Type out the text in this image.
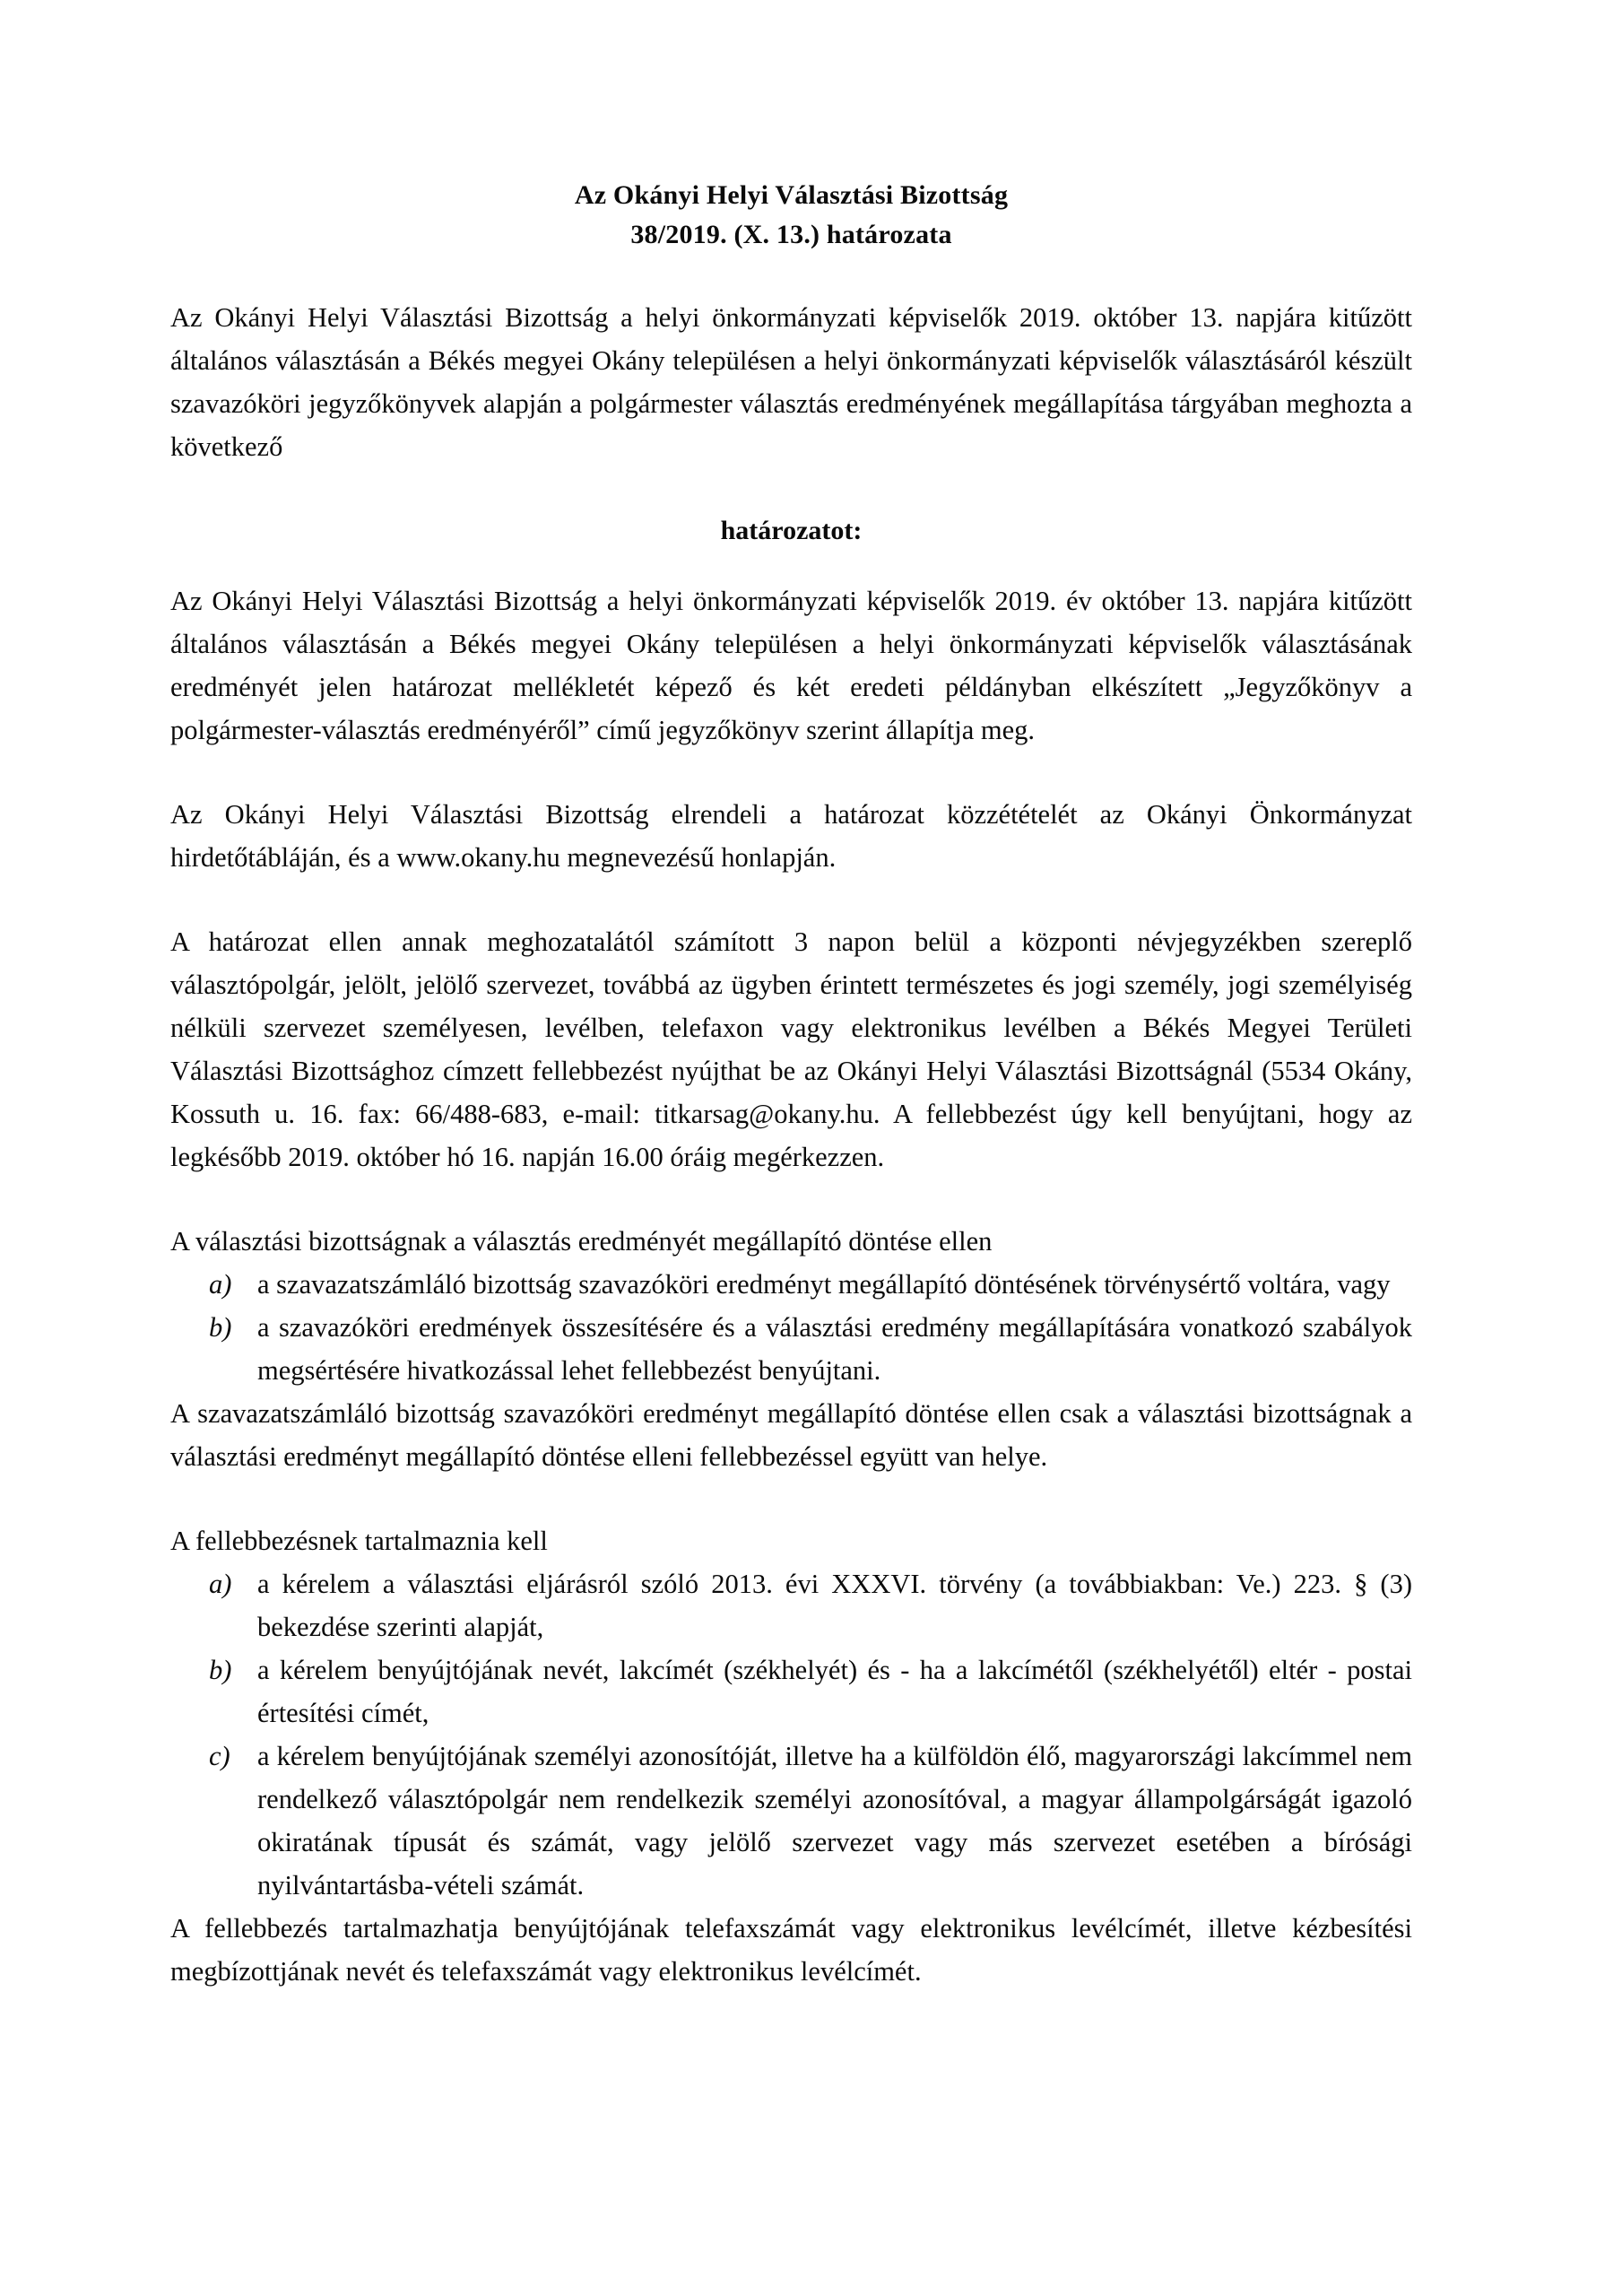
Az Okányi Helyi Választási Bizottság
38/2019. (X. 13.) határozata

Az Okányi Helyi Választási Bizottság a helyi önkormányzati képviselők 2019. október 13. napjára kitűzött általános választásán a Békés megyei Okány településen a helyi önkormányzati képviselők választásáról készült szavazóköri jegyzőkönyvek alapján a polgármester választás eredményének megállapítása tárgyában meghozta a következő

határozatot:

Az Okányi Helyi Választási Bizottság a helyi önkormányzati képviselők 2019. év október 13. napjára kitűzött általános választásán a Békés megyei Okány településen a helyi önkormányzati képviselők választásának eredményét jelen határozat mellékletét képező és két eredeti példányban elkészített „Jegyzőkönyv a polgármester-választás eredményéről” című jegyzőkönyv szerint állapítja meg.

Az Okányi Helyi Választási Bizottság elrendeli a határozat közzétételét az Okányi Önkormányzat hirdetőtábláján, és a www.okany.hu megnevezésű honlapján.

A határozat ellen annak meghozatalától számított 3 napon belül a központi névjegyzékben szereplő választópolgár, jelölt, jelölő szervezet, továbbá az ügyben érintett természetes és jogi személy, jogi személyiség nélküli szervezet személyesen, levélben, telefaxon vagy elektronikus levélben a Békés Megyei Területi Választási Bizottsághoz címzett fellebbezést nyújthat be az Okányi Helyi Választási Bizottságnál (5534 Okány, Kossuth u. 16. fax: 66/488-683, e-mail: titkarsag@okany.hu. A fellebbezést úgy kell benyújtani, hogy az legkésőbb 2019. október hó 16. napján 16.00 óráig megérkezzen.

A választási bizottságnak a választás eredményét megállapító döntése ellen

a) a szavazatszámláló bizottság szavazóköri eredményt megállapító döntésének törvénysértő voltára, vagy
b) a szavazóköri eredmények összesítésére és a választási eredmény megállapítására vonatkozó szabályok megsértésére hivatkozással lehet fellebbezést benyújtani.

A szavazatszámláló bizottság szavazóköri eredményt megállapító döntése ellen csak a választási bizottságnak a választási eredményt megállapító döntése elleni fellebbezéssel együtt van helye.

A fellebbezésnek tartalmaznia kell

a) a kérelem a választási eljárásról szóló 2013. évi XXXVI. törvény (a továbbiakban: Ve.) 223. § (3) bekezdése szerinti alapját,
b) a kérelem benyújtójának nevét, lakcímét (székhelyét) és - ha a lakcímétől (székhelyétől) eltér - postai értesítési címét,
c) a kérelem benyújtójának személyi azonosítóját, illetve ha a külföldön élő, magyarországi lakcímmel nem rendelkező választópolgár nem rendelkezik személyi azonosítóval, a magyar állampolgárságát igazoló okiratának típusát és számát, vagy jelölő szervezet vagy más szervezet esetében a bírósági nyilvántartásba-vételi számát.

A fellebbezés tartalmazhatja benyújtójának telefaxszámát vagy elektronikus levélcímét, illetve kézbesítési megbízottjának nevét és telefaxszámát vagy elektronikus levélcímét.
